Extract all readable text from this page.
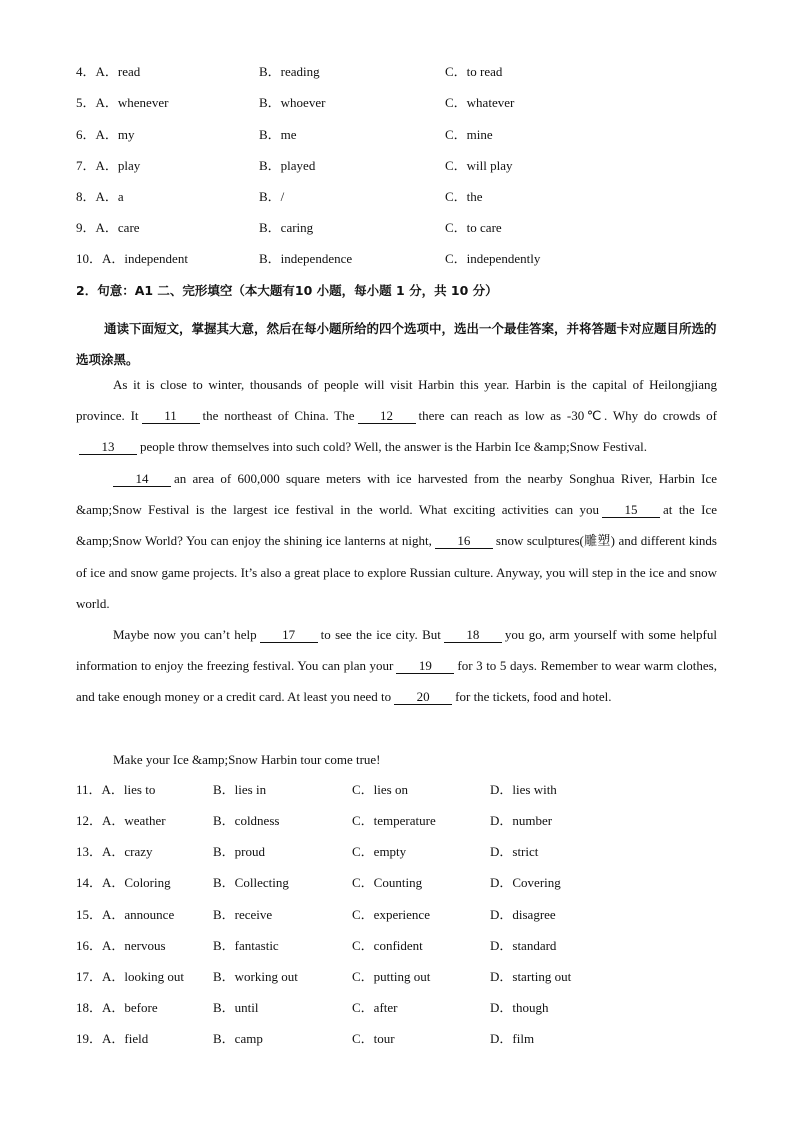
4．A．read	B．reading	C．to read
5．A．whenever	B．whoever	C．whatever
6．A．my	B．me	C．mine
7．A．play	B．played	C．will play
8．A．a	B．/	C．the
9．A．care	B．caring	C．to care
10．A．independent	B．independence	C．independently
2．句意：A1 二、完形填空（本大题有10 小题，每小题 1 分，共 10 分）
通读下面短文，掌握其大意，然后在每小题所给的四个选项中，选出一个最佳答案，并将答题卡对应题目所选的选项涂黑。
As it is close to winter, thousands of people will visit Harbin this year. Harbin is the capital of Heilongjiang province. It 11 the northeast of China. The 12 there can reach as low as -30℃. Why do crowds of13 people throw themselves into such cold? Well, the answer is the Harbin Ice &amp;Snow Festival.
14 an area of 600,000 square meters with ice harvested from the nearby Songhua River, Harbin Ice &amp;Snow Festival is the largest ice festival in the world. What exciting activities can you 15 at the Ice &amp;Snow World? You can enjoy the shining ice lanterns at night, 16 snow sculptures(雕塑) and different kinds of ice and snow game projects. It’s also a great place to explore Russian culture. Anyway, you will step in the ice and snow world.
Maybe now you can’t help 17 to see the ice city. But 18 you go, arm yourself with some helpful information to enjoy the freezing festival. You can plan your 19 for 3 to 5 days. Remember to wear warm clothes, and take enough money or a credit card. At least you need to 20 for the tickets, food and hotel.
Make your Ice &amp;Snow Harbin tour come true!
11．A．lies to	B．lies in	C．lies on	D．lies with
12．A．weather	B．coldness	C．temperature	D．number
13．A．crazy	B．proud	C．empty	D．strict
14．A．Coloring	B．Collecting	C．Counting	D．Covering
15．A．announce	B．receive	C．experience	D．disagree
16．A．nervous	B．fantastic	C．confident	D．standard
17．A．looking out B．working out	C．putting out	D．starting out
18．A．before	B．until	C．after	D．though
19．A．field	B．camp	C．tour	D．film
